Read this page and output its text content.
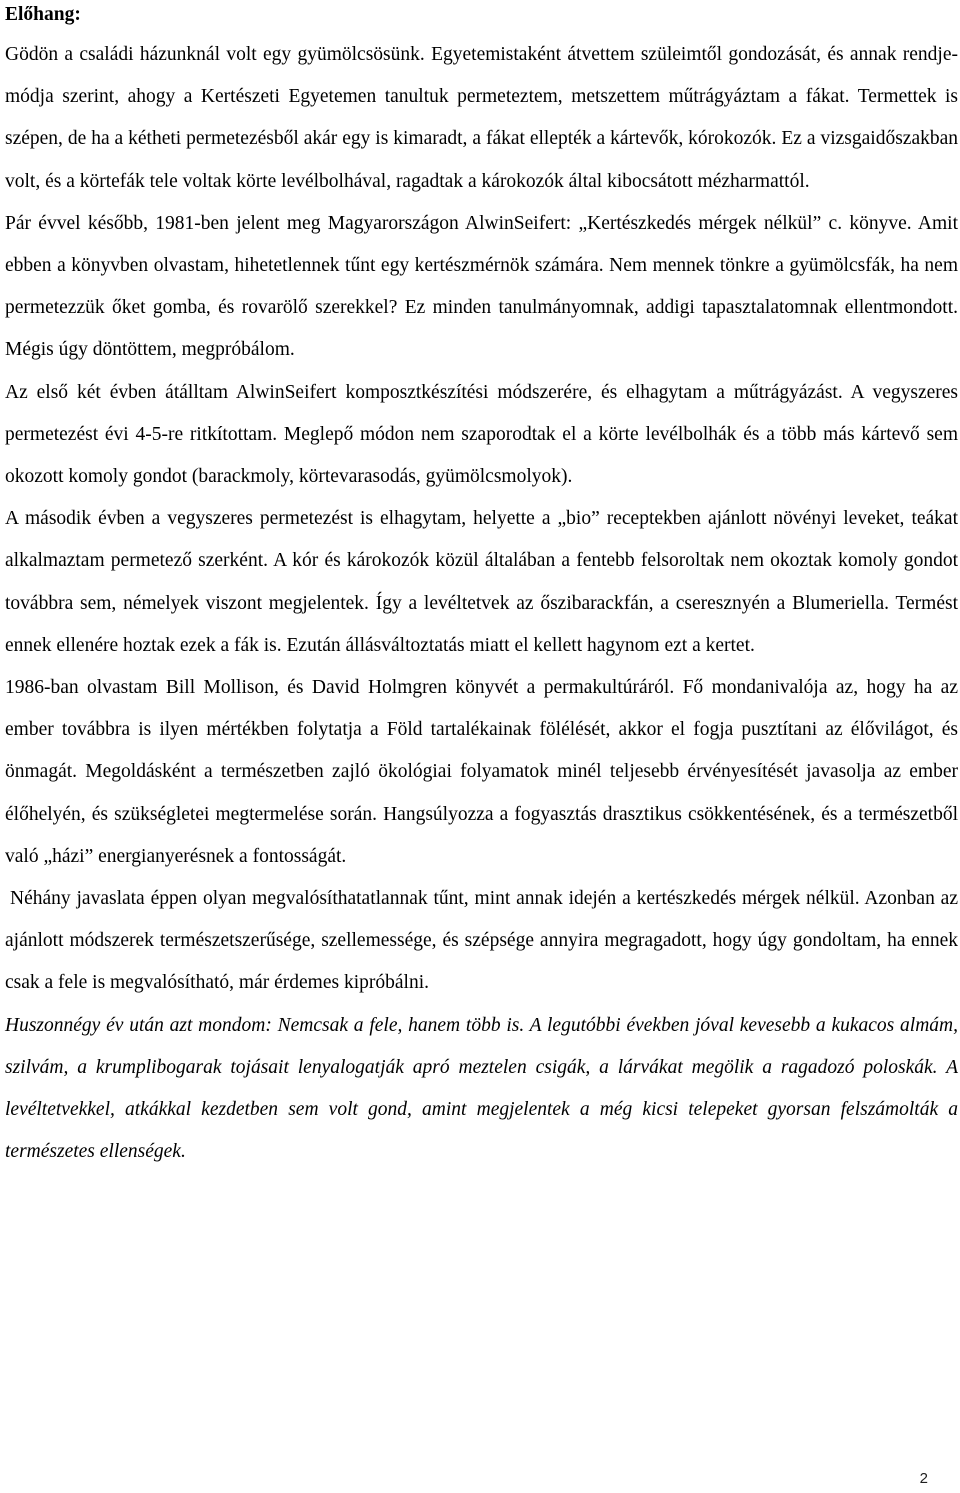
Előhang:

Gödön a családi házunknál volt egy gyümölcsösünk. Egyetemistaként átvettem szüleimtől gondozását, és annak rendje-módja szerint, ahogy a Kertészeti Egyetemen tanultuk permeteztem, metszettem műtrágyáztam a fákat. Termettek is szépen, de ha a kétheti permetezésből akár egy is kimaradt, a fákat ellepték a kártevők, kórokozók. Ez a vizsgaidőszakban volt, és a körtefák tele voltak körte levélbolhával, ragadtak a károkozók által kibocsátott mézharmattól.

Pár évvel később, 1981-ben jelent meg Magyarországon AlwinSeifert: „Kertészkedés mérgek nélkül” c. könyve. Amit ebben a könyvben olvastam, hihetetlennek tűnt egy kertészmérnök számára. Nem mennek tönkre a gyümölcsfák, ha nem permetezzük őket gomba, és rovarölő szerekkel? Ez minden tanulmányomnak, addigi tapasztalatomnak ellentmondott. Mégis úgy döntöttem, megpróbálom.

Az első két évben átálltam AlwinSeifert komposztkészítési módszerére, és elhagytam a műtrágyázást. A vegyszeres permetezést évi 4-5-re ritkítottam. Meglepő módon nem szaporodtak el a körte levélbolhák és a több más kártevő sem okozott komoly gondot (barackmoly, körtevarasodás, gyümölcsmolyok).

A második évben a vegyszeres permetezést is elhagytam, helyette a „bio” receptekben ajánlott növényi leveket, teákat alkalmaztam permetező szerként. A kór és károkozók közül általában a fentebb felsoroltak nem okoztak komoly gondot továbbra sem, némelyek viszont megjelentek. Így a levéltetvek az őszibarackfán, a cseresznyén a Blumeriella. Termést ennek ellenére hoztak ezek a fák is. Ezután állásváltoztatás miatt el kellett hagynom ezt a kertet.

1986-ban olvastam Bill Mollison, és David Holmgren könyvét a permakultúráról. Fő mondanivalója az, hogy ha az ember továbbra is ilyen mértékben folytatja a Föld tartalékainak fölélését, akkor el fogja pusztítani az élővilágot, és önmagát. Megoldásként a természetben zajló ökológiai folyamatok minél teljesebb érvényesítését javasolja az ember élőhelyén, és szükségletei megtermelése során. Hangsúlyozza a fogyasztás drasztikus csökkentésének, és a természetből való „házi” energianyerésnek a fontosságát.

Néhány javaslata éppen olyan megvalósíthatatlannak tűnt, mint annak idején a kertészkedés mérgek nélkül. Azonban az ajánlott módszerek természetszerűsége, szellemessége, és szépsége annyira megragadott, hogy úgy gondoltam, ha ennek csak a fele is megvalósítható, már érdemes kipróbálni.

Huszonnégy év után azt mondom: Nemcsak a fele, hanem több is. A legutóbbi években jóval kevesebb a kukacos almám, szilvám, a krumplibogarak tojásait lenyalogatják apró meztelen csigák, a lárvákat megölik a ragadozó poloskák. A levéltetvekkel, atkákkal kezdetben sem volt gond, amint megjelentek a még kicsi telepeket gyorsan felszámolták a természetes ellenségek.

2
